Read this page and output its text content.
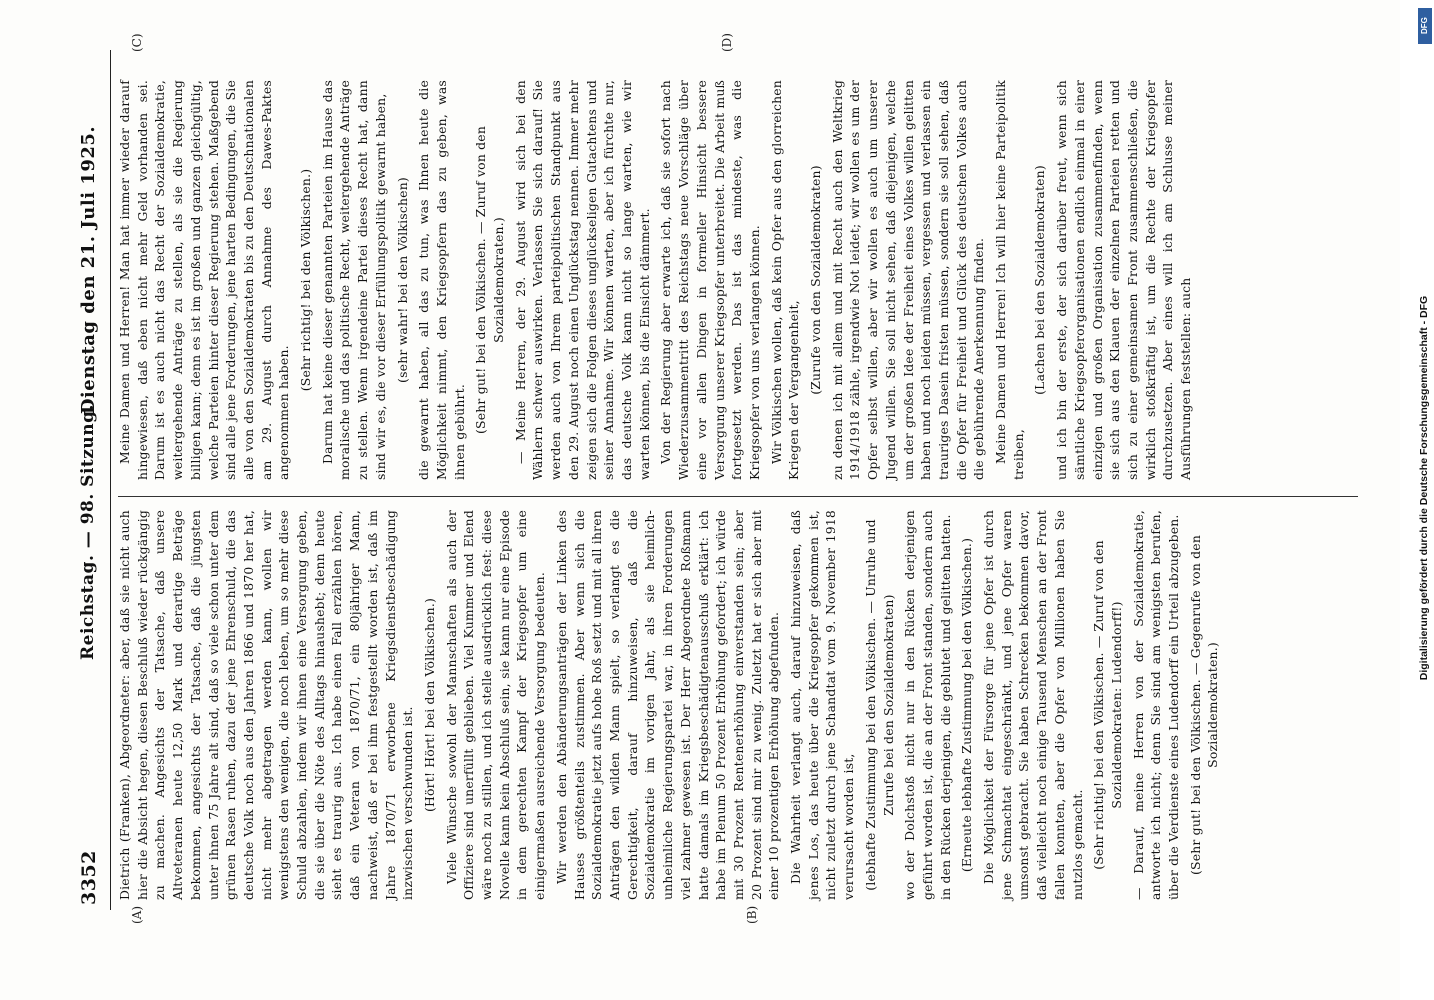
3352
Reichstag. — 98. Sitzung.
Dienstag den 21. Juli 1925.
(A)	(B)
(C)	(D)

Dietrich (Franken), Abgeordneter: aber, daß sie nicht auch hier die Absicht hegen, diesen Beschluß wieder rückgängig zu machen. Angesichts der Tatsache, daß unsere Altveteranen heute 12,50 Mark und derartige Beträge bekommen, angesichts der Tatsache, daß die jüngsten unter ihnen 75 Jahre alt sind, daß so viele schon unter dem grünen Rasen ruhen, dazu der jene Ehrenschuld, die das deutsche Volk noch aus den Jahren 1866 und 1870 her hat, nicht mehr abgetragen werden kann, wollen wir wenigstens den wenigen, die noch leben, um so mehr diese Schuld abzahlen, indem wir ihnen eine Versorgung geben, die sie über die Nöte des Alltags hinaushebt; denn heute sieht es traurig aus. Ich habe einen Fall erzählen hören, daß ein Veteran von 1870/71, ein 80jähriger Mann, nachweist, daß er bei ihm festgestellt worden ist, daß im Jahre 1870/71 erworbene Kriegsdienstbeschädigung inzwischen verschwunden ist. (Hört! Hört! bei den Völkischen.) Viele Wünsche sowohl der Mannschaften als auch der Offiziere sind unerfüllt geblieben. Viel Kummer und Elend wäre noch zu stillen, und ich stelle ausdrücklich fest: diese Novelle kann kein Abschluß sein, sie kann nur eine Episode in dem gerechten Kampf der Kriegsopfer um eine einigermaßen ausreichende Versorgung bedeuten. Wir werden den Abänderungsanträgen der Linken des Hauses größtenteils zustimmen. Aber wenn sich die Sozialdemokratie jetzt aufs hohe Roß setzt und mit all ihren Anträgen den wilden Mann spielt, so verlangt es die Gerechtigkeit, darauf hinzuweisen, daß die Sozialdemokratie im vorigen Jahr, als sie heimlich-unheimliche Regierungspartei war, in ihren Forderungen viel zahmer gewesen ist. Der Herr Abgeordnete Roßmann hatte damals im Kriegsbeschädigtenausschuß erklärt: ich habe im Plenum 50 Prozent Erhöhung gefordert; ich würde mit 30 Prozent Rentenerhöhung einverstanden sein; aber 20 Prozent sind mir zu wenig. Zuletzt hat er sich aber mit einer 10 prozentigen Erhöhung abgefunden. Die Wahrheit verlangt auch, darauf hinzuweisen, daß jenes Los, das heute über die Kriegsopfer gekommen ist, nicht zuletzt durch jene Schandtat vom 9. November 1918 verursacht worden ist, (lebhafte Zustimmung bei den Völkischen. — Unruhe und Zurufe bei den Sozialdemokraten) wo der Dolchstoß nicht nur in den Rücken derjenigen geführt worden ist, die an der Front standen, sondern auch in den Rücken derjenigen, die geblutet und gelitten hatten. (Erneute lebhafte Zustimmung bei den Völkischen.) Die Möglichkeit der Fürsorge für jene Opfer ist durch jene Schmachtat eingeschränkt, und jene Opfer waren umsonst gebracht. Sie haben Schrecken bekommen davor, daß vielleicht noch einige Tausend Menschen an der Front fallen konnten, aber die Opfer von Millionen haben Sie nutzlos gemacht. (Sehr richtig! bei den Völkischen. — Zuruf von den Sozialdemokraten: Ludendorff!) — Darauf, meine Herren von der Sozialdemokratie, antworte ich nicht; denn Sie sind am wenigsten berufen, über die Verdienste eines Ludendorff ein Urteil abzugeben. (Sehr gut! bei den Völkischen. — Gegenrufe von den Sozialdemokraten.)

Meine Damen und Herren! Man hat immer wieder darauf hingewiesen, daß eben nicht mehr Geld vorhanden sei. Darum ist es auch nicht das Recht der Sozialdemokratie, weitergehende Anträge zu stellen, als sie die Regierung billigen kann; denn es ist im großen und ganzen gleichgültig, welche Parteien hinter dieser Regierung stehen. Maßgebend sind alle jene Forderungen, jene harten Bedingungen, die Sie alle von den Sozialdemokraten bis zu den Deutschnationalen am 29. August durch Annahme des Dawes-Paktes angenommen haben.

(Sehr richtig! bei den Völkischen.) Darum hat keine dieser genannten Parteien im Hause das moralische und das politische Recht, weitergehende Anträge zu stellen. Wenn irgendeine Partei dieses Recht hat, dann sind wir es, die vor dieser Erfüllungspolitik gewarnt haben, (sehr wahr! bei den Völkischen) die gewarnt haben, all das zu tun, was Ihnen heute die Möglichkeit nimmt, den Kriegsopfern das zu geben, was ihnen gebührt. (Sehr gut! bei den Völkischen. — Zuruf von den Sozialdemokraten.) — Meine Herren, der 29. August wird sich bei den Wählern schwer auswirken. Verlassen Sie sich darauf! Sie werden auch von Ihrem parteipolitischen Standpunkt aus den 29. August noch einen Unglückstag nennen. Immer mehr zeigen sich die Folgen dieses unglückseligen Gutachtens und seiner Annahme. Wir können warten, aber ich fürchte nur, das deutsche Volk kann nicht so lange warten, wie wir warten können, bis die Einsicht dämmert. Von der Regierung aber erwarte ich, daß sie sofort nach Wiederzusammentritt des Reichstags neue Vorschläge über eine vor allen Dingen in formeller Hinsicht bessere Versorgung unserer Kriegsopfer unterbreitet. Die Arbeit muß fortgesetzt werden. Das ist das mindeste, was die Kriegsopfer von uns verlangen können. Wir Völkischen wollen, daß kein Opfer aus den glorreichen Kriegen der Vergangenheit, (Zurufe von den Sozialdemokraten) zu denen ich mit allem und mit Recht auch den Weltkrieg 1914/1918 zähle, irgendwie Not leidet; wir wollen es um der Opfer selbst willen, aber wir wollen es auch um unserer Jugend willen. Sie soll nicht sehen, daß diejenigen, welche um der großen Idee der Freiheit eines Volkes willen gelitten haben und noch leiden müssen, vergessen und verlassen ein trauriges Dasein fristen müssen, sondern sie soll sehen, daß die Opfer für Freiheit und Glück des deutschen Volkes auch die gebührende Anerkennung finden. Meine Damen und Herren! Ich will hier keine Parteipolitik treiben,

(Lachen bei den Sozialdemokraten) und ich bin der erste, der sich darüber freut, wenn sich sämtliche Kriegsopferorganisationen endlich einmal in einer einzigen und großen Organisation zusammenfinden, wenn sie sich aus den Klauen der einzelnen Parteien retten und sich zu einer gemeinsamen Front zusammenschließen, die wirklich stoßkräftig ist, um die Rechte der Kriegsopfer durchzusetzen. Aber eines will ich am Schlusse meiner Ausführungen feststellen: auch	Digitalisierung gefördert durch die Deutsche Forschungsgemeinschaft - DFG
DFG
